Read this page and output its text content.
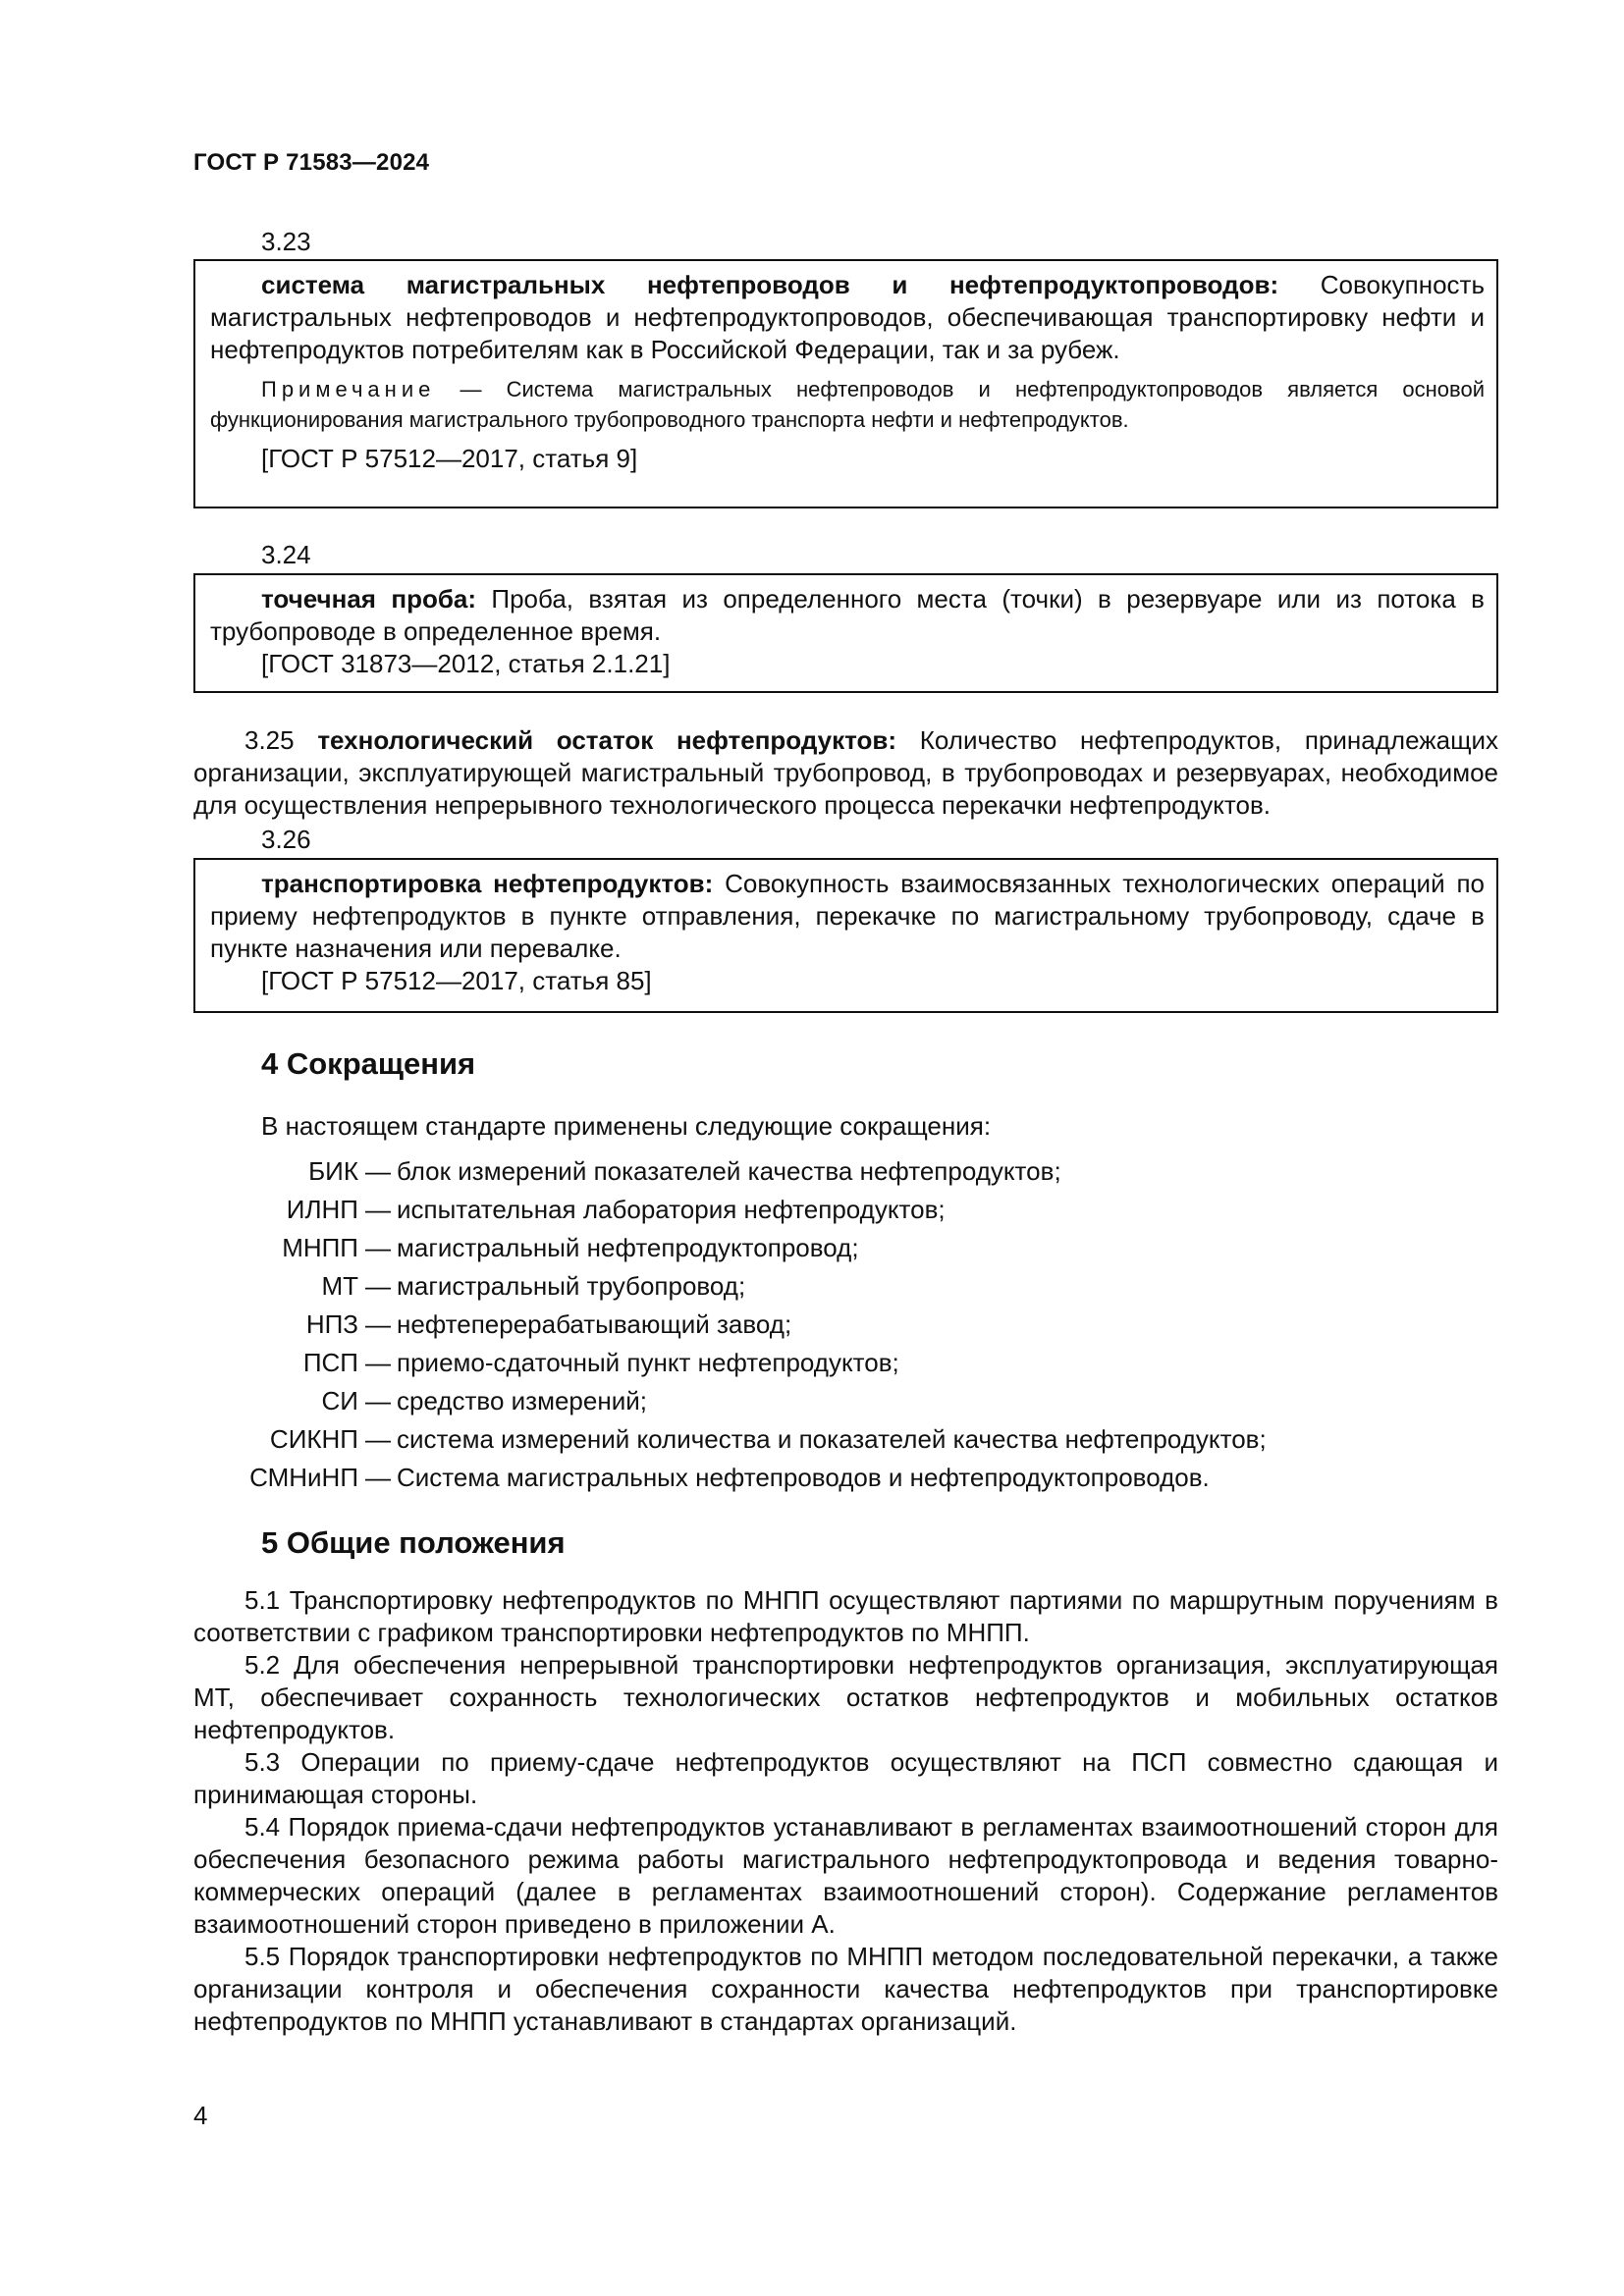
ГОСТ Р 71583—2024
3.23

система магистральных нефтепроводов и нефтепродуктопроводов: Совокупность магистральных нефтепроводов и нефтепродуктопроводов, обеспечивающая транспортировку нефти и нефтепродуктов потребителям как в Российской Федерации, так и за рубеж.

Примечание — Система магистральных нефтепроводов и нефтепродуктопроводов является основой функционирования магистрального трубопроводного транспорта нефти и нефтепродуктов.

[ГОСТ Р 57512—2017, статья 9]

3.24

точечная проба: Проба, взятая из определенного места (точки) в резервуаре или из потока в трубопроводе в определенное время.

[ГОСТ 31873—2012, статья 2.1.21]

3.25 технологический остаток нефтепродуктов: Количество нефтепродуктов, принадлежащих организации, эксплуатирующей магистральный трубопровод, в трубопроводах и резервуарах, необходимое для осуществления непрерывного технологического процесса перекачки нефтепродуктов.

3.26

транспортировка нефтепродуктов: Совокупность взаимосвязанных технологических операций по приему нефтепродуктов в пункте отправления, перекачке по магистральному трубопроводу, сдаче в пункте назначения или перевалке.

[ГОСТ Р 57512—2017, статья 85]

4 Сокращения
В настоящем стандарте применены следующие сокращения:
БИК — блок измерений показателей качества нефтепродуктов;
ИЛНП — испытательная лаборатория нефтепродуктов;
МНПП — магистральный нефтепродуктопровод;
МТ — магистральный трубопровод;
НПЗ — нефтеперерабатывающий завод;
ПСП — приемо-сдаточный пункт нефтепродуктов;
СИ — средство измерений;
СИКНП — система измерений количества и показателей качества нефтепродуктов;
СМНиНП — Система магистральных нефтепроводов и нефтепродуктопроводов.
5 Общие положения

5.1 Транспортировку нефтепродуктов по МНПП осуществляют партиями по маршрутным поручениям в соответствии с графиком транспортировки нефтепродуктов по МНПП.

5.2 Для обеспечения непрерывной транспортировки нефтепродуктов организация, эксплуатирующая МТ, обеспечивает сохранность технологических остатков нефтепродуктов и мобильных остатков нефтепродуктов.

5.3 Операции по приему-сдаче нефтепродуктов осуществляют на ПСП совместно сдающая и принимающая стороны.

5.4 Порядок приема-сдачи нефтепродуктов устанавливают в регламентах взаимоотношений сторон для обеспечения безопасного режима работы магистрального нефтепродуктопровода и ведения товарно-коммерческих операций (далее в регламентах взаимоотношений сторон). Содержание регламентов взаимоотношений сторон приведено в приложении А.

5.5 Порядок транспортировки нефтепродуктов по МНПП методом последовательной перекачки, а также организации контроля и обеспечения сохранности качества нефтепродуктов при транспортировке нефтепродуктов по МНПП устанавливают в стандартах организаций.

4
